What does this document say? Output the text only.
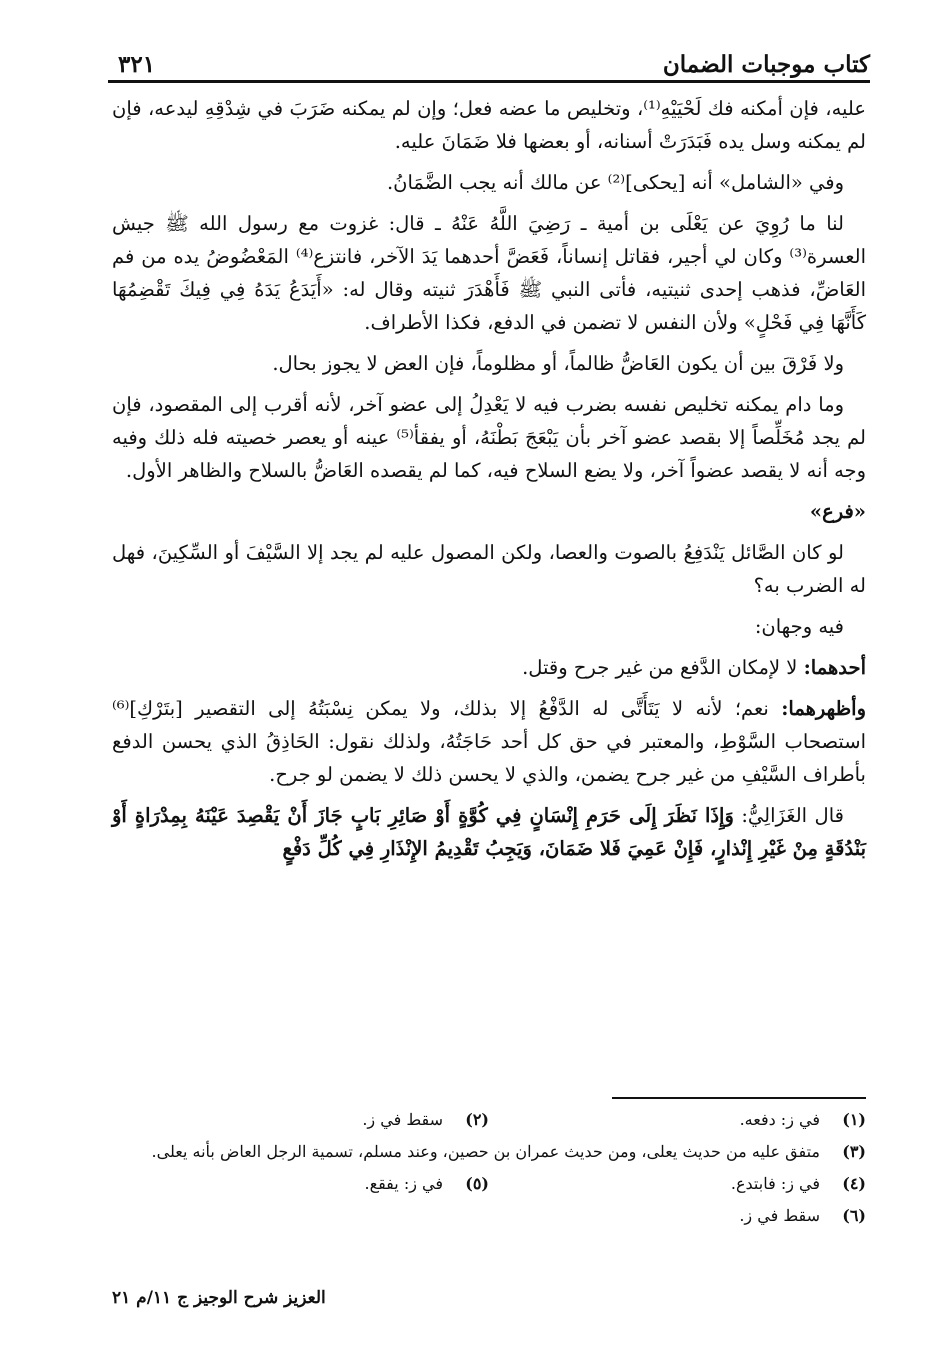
كتاب موجبات الضمان
٣٢١

عليه، فإن أمكنه فك لَحْيَيْهِ⁽¹⁾، وتخليص ما عضه فعل؛ وإن لم يمكنه ضَرَبَ في شِدْقِهِ ليدعه، فإن لم يمكنه وسل يده فَبَدَرَتْ أسنانه، أو بعضها فلا ضَمَانَ عليه.

وفي «الشامل» أنه [يحكى]⁽²⁾ عن مالك أنه يجب الضَّمَانُ.

لنا ما رُوِيَ عن يَعْلَى بن أمية ـ رَضِيَ اللَّهُ عَنْهُ ـ قال: غزوت مع رسول الله ﷺ جيش العسرة⁽³⁾ وكان لي أجير، فقاتل إنساناً، فَعَضَّ أحدهما يَدَ الآخر، فانتزع⁽⁴⁾ المَعْضُوضُ يده من فم العَاضِّ، فذهب إحدى ثنيتيه، فأتى النبي ﷺ فَأَهْدَرَ ثنيته وقال له: «أَيَدَعُ يَدَهُ فِي فِيكَ تَقْضِمُهَا كَأَنَّهَا فِي فَحْلٍ» ولأن النفس لا تضمن في الدفع، فكذا الأطراف.

ولا فَرْقَ بين أن يكون العَاضُّ ظالماً، أو مظلوماً، فإن العض لا يجوز بحال.

وما دام يمكنه تخليص نفسه بضرب فيه لا يَعْدِلُ إلى عضو آخر، لأنه أقرب إلى المقصود، فإن لم يجد مُخَلِّصاً إلا بقصد عضو آخر بأن يَبْعَجَ بَطْنَهُ، أو يفقأ⁽⁵⁾ عينه أو يعصر خصيته فله ذلك وفيه وجه أنه لا يقصد عضواً آخر، ولا يضع السلاح فيه، كما لم يقصده العَاضُّ بالسلاح والظاهر الأول.

«فرع»

لو كان الصَّائل يَنْدَفِعُ بالصوت والعصا، ولكن المصول عليه لم يجد إلا السَّيْفَ أو السِّكِينَ، فهل له الضرب به؟

فيه وجهان:

أحدهما: لا لإمكان الدَّفع من غير جرح وقتل.

وأظهرهما: نعم؛ لأنه لا يَتَأَتَّى له الدَّفْعُ إلا بذلك، ولا يمكن نِسْبَتُهُ إلى التقصير [بتَرْكِ]⁽⁶⁾ استصحاب السَّوْطِ، والمعتبر في حق كل أحد حَاجَتُهُ، ولذلك نقول: الحَاذِقُ الذي يحسن الدفع بأطراف السَّيْفِ من غير جرح يضمن، والذي لا يحسن ذلك لا يضمن لو جرح.

قال الغَزَالِيُّ: وَإِذَا نَظَرَ إِلَى حَرَمِ إِنْسَانٍ فِي كُوَّةٍ أَوْ صَائِرِ بَابٍ جَازَ أَنْ يَقْصِدَ عَيْنَهُ بِمِدْرَاةٍ أَوْ بَنْدُقَةٍ مِنْ غَيْرِ إِنْذارٍ، فَإِنْ عَمِيَ فَلا ضَمَانَ، وَيَجِبُ تَقْدِيمُ الإِنْذَارِ فِي كُلِّ دَفْعٍ

(١)
في ز: دفعه.
(٢)
سقط في ز.
(٣)
متفق عليه من حديث يعلى، ومن حديث عمران بن حصين، وعند مسلم، تسمية الرجل العاض بأنه يعلى.
(٤)
في ز: فابتدع.
(٥)
في ز: يفقع.
(٦)
سقط في ز.
العزيز شرح الوجيز ج ١١/م ٢١
